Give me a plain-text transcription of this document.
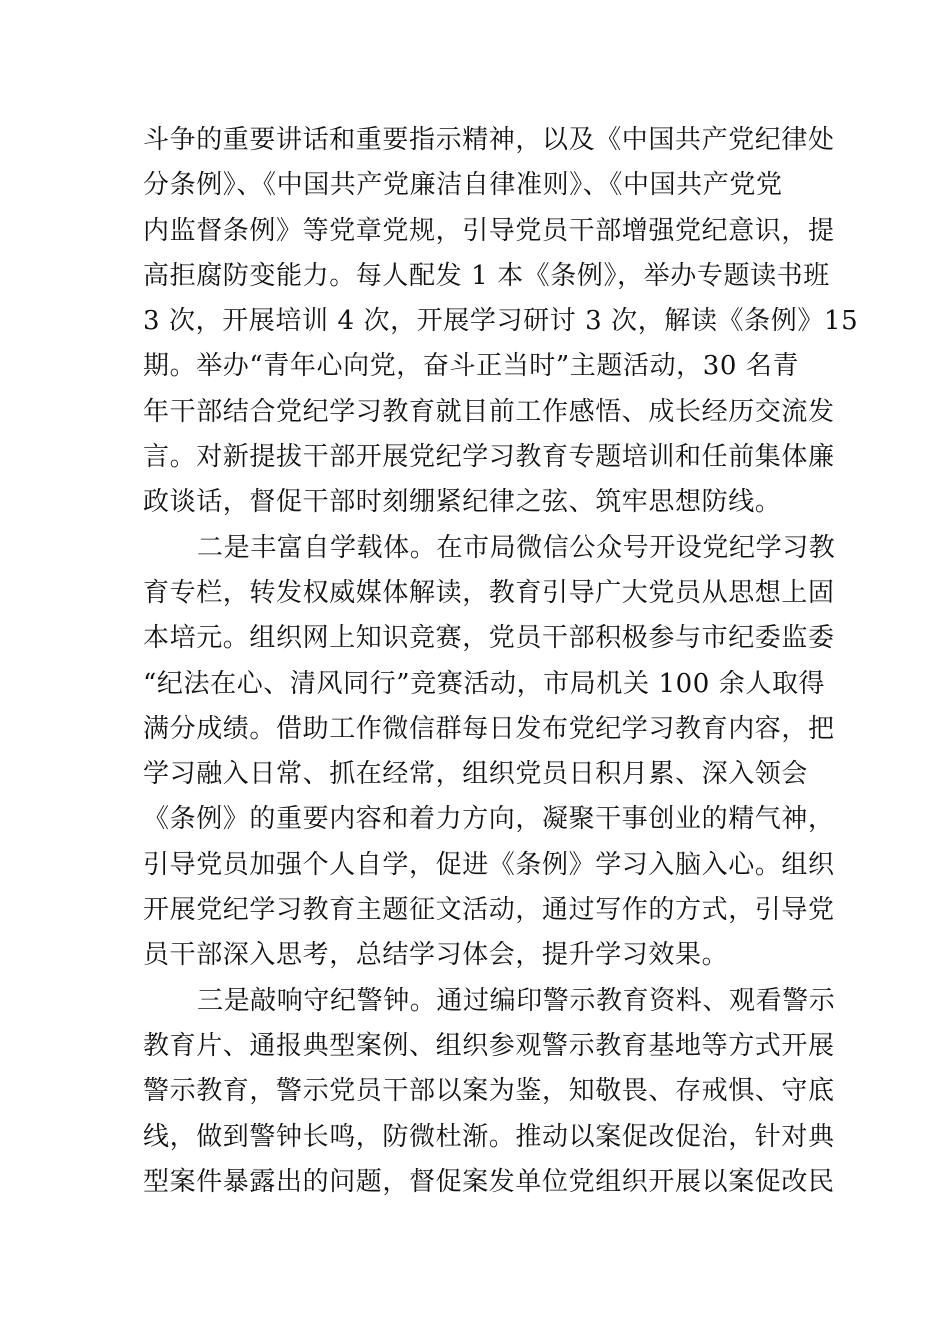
斗争的重要讲话和重要指示精神，以及《中国共产党纪律处
分条例》、《中国共产党廉洁自律准则》、《中国共产党党
内监督条例》等党章党规，引导党员干部增强党纪意识，提
高拒腐防变能力。每人配发 1 本《条例》，举办专题读书班
3 次，开展培训 4 次，开展学习研讨 3 次，解读《条例》15
期。举办“青年心向党，奋斗正当时”主题活动，30 名青
年干部结合党纪学习教育就目前工作感悟、成长经历交流发
言。对新提拔干部开展党纪学习教育专题培训和任前集体廉
政谈话，督促干部时刻绷紧纪律之弦、筑牢思想防线。
二是丰富自学载体。在市局微信公众号开设党纪学习教
育专栏，转发权威媒体解读，教育引导广大党员从思想上固
本培元。组织网上知识竞赛，党员干部积极参与市纪委监委
“纪法在心、清风同行”竞赛活动，市局机关 100 余人取得
满分成绩。借助工作微信群每日发布党纪学习教育内容，把
学习融入日常、抓在经常，组织党员日积月累、深入领会
《条例》的重要内容和着力方向，凝聚干事创业的精气神，
引导党员加强个人自学，促进《条例》学习入脑入心。组织
开展党纪学习教育主题征文活动，通过写作的方式，引导党
员干部深入思考，总结学习体会，提升学习效果。
三是敲响守纪警钟。通过编印警示教育资料、观看警示
教育片、通报典型案例、组织参观警示教育基地等方式开展
警示教育，警示党员干部以案为鉴，知敬畏、存戒惧、守底
线，做到警钟长鸣，防微杜渐。推动以案促改促治，针对典
型案件暴露出的问题，督促案发单位党组织开展以案促改民
